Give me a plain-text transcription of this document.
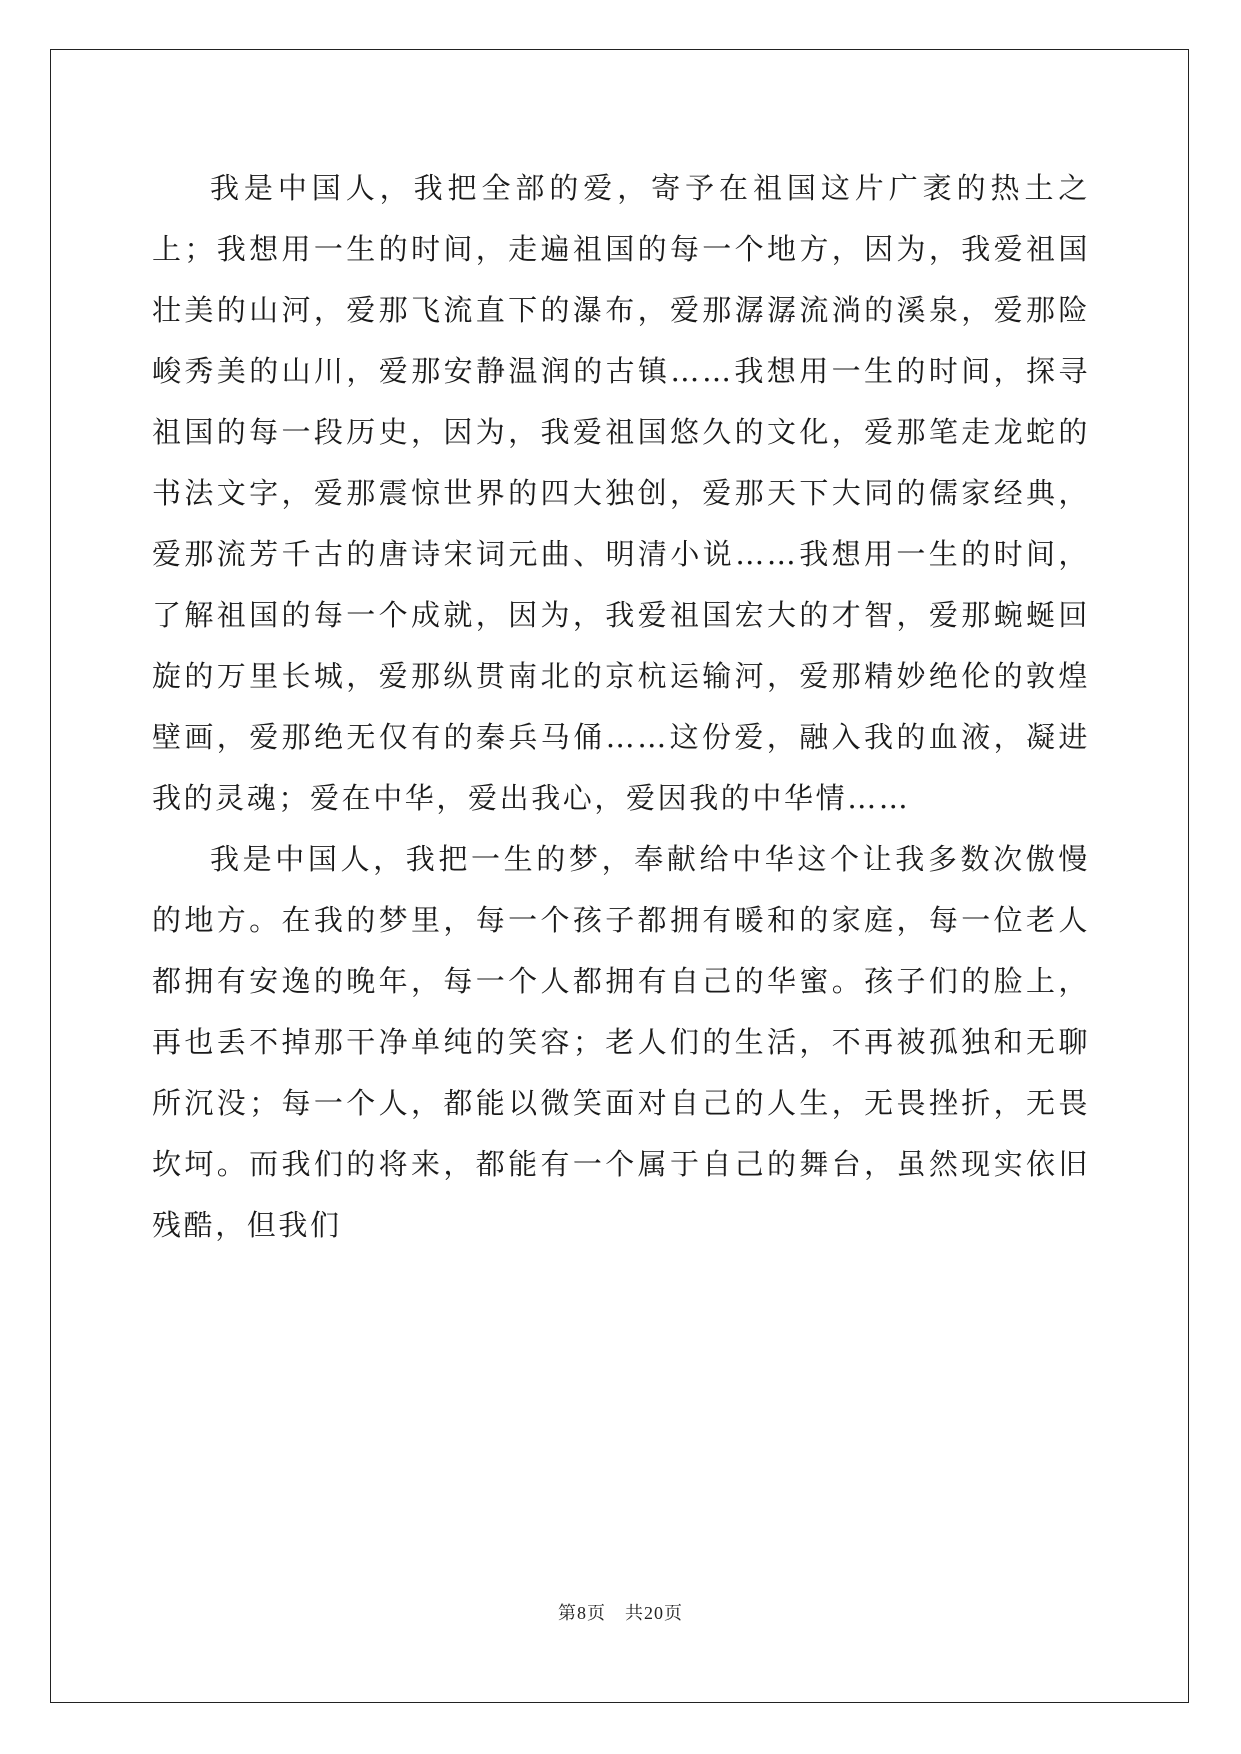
我是中国人，我把全部的爱，寄予在祖国这片广袤的热土之上；我想用一生的时间，走遍祖国的每一个地方，因为，我爱祖国壮美的山河，爱那飞流直下的瀑布，爱那潺潺流淌的溪泉，爱那险峻秀美的山川，爱那安静温润的古镇……我想用一生的时间，探寻祖国的每一段历史，因为，我爱祖国悠久的文化，爱那笔走龙蛇的书法文字，爱那震惊世界的四大独创，爱那天下大同的儒家经典，爱那流芳千古的唐诗宋词元曲、明清小说……我想用一生的时间，了解祖国的每一个成就，因为，我爱祖国宏大的才智，爱那蜿蜒回旋的万里长城，爱那纵贯南北的京杭运输河，爱那精妙绝伦的敦煌壁画，爱那绝无仅有的秦兵马俑……这份爱，融入我的血液，凝进我的灵魂；爱在中华，爱出我心，爱因我的中华情……

我是中国人，我把一生的梦，奉献给中华这个让我多数次傲慢的地方。在我的梦里，每一个孩子都拥有暖和的家庭，每一位老人都拥有安逸的晚年，每一个人都拥有自己的华蜜。孩子们的脸上，再也丢不掉那干净单纯的笑容；老人们的生活，不再被孤独和无聊所沉没；每一个人，都能以微笑面对自己的人生，无畏挫折，无畏坎坷。而我们的将来，都能有一个属于自己的舞台，虽然现实依旧残酷，但我们

第8页　共20页
